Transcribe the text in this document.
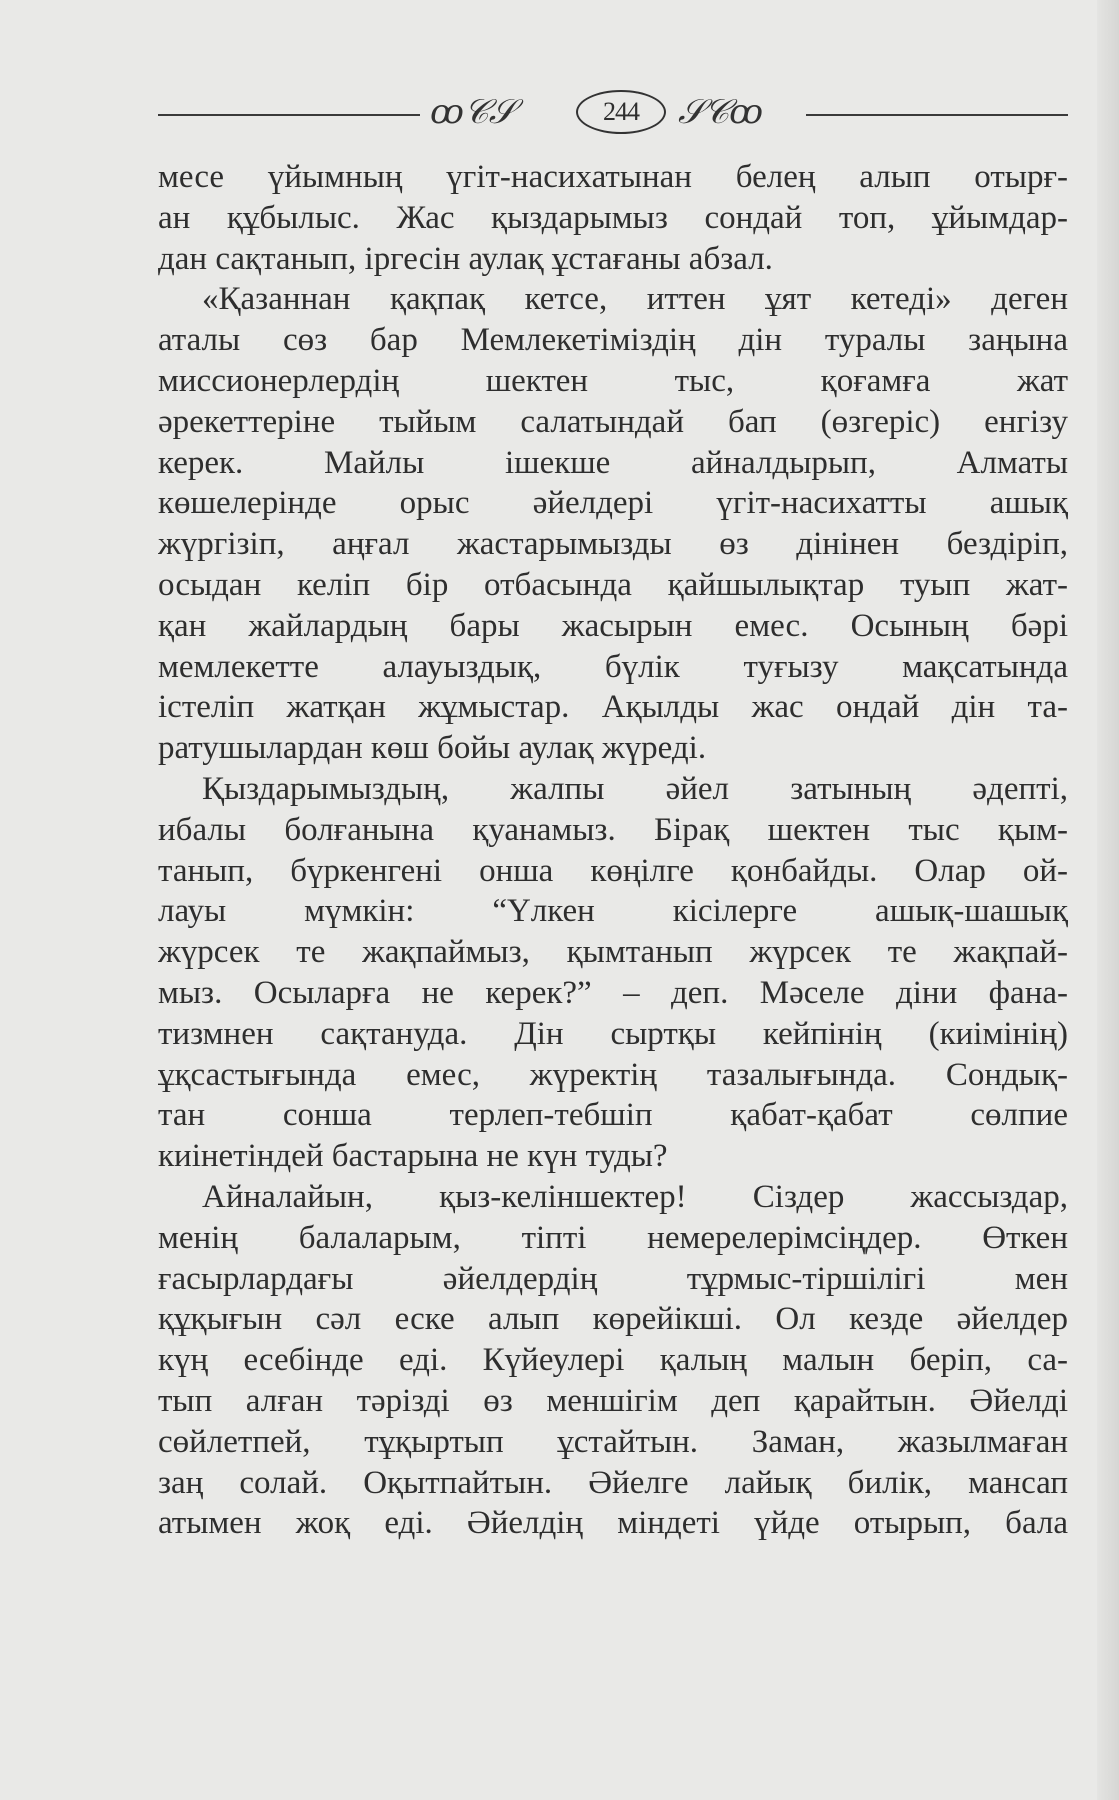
ꝏ𝒞𝒮	244	𝒮𝒞ꝏ
месе үйымның үгіт-насихатынан белең алып отырғ-
ан құбылыс. Жас қыздарымыз сондай топ, ұйымдар-
дан сақтанып, іргесін аулақ ұстағаны абзал.
«Қазаннан қақпақ кетсе, иттен ұят кетеді» деген
аталы сөз бар Мемлекетіміздің дін туралы заңына
миссионерлердің шектен тыс, қоғамға жат
әрекеттеріне тыйым салатындай бап (өзгеріс) енгізу
керек. Майлы ішекше айналдырып, Алматы
көшелерінде орыс әйелдері үгіт-насихатты ашық
жүргізіп, аңғал жастарымызды өз дінінен бездіріп,
осыдан келіп бір отбасында қайшылықтар туып жат-
қан жайлардың бары жасырын емес. Осының бәрі
мемлекетте алауыздық, бүлік туғызу мақсатында
істеліп жатқан жұмыстар. Ақылды жас ондай дін та-
ратушылардан көш бойы аулақ жүреді.
Қыздарымыздың, жалпы әйел затының әдепті,
ибалы болғанына қуанамыз. Бірақ шектен тыс қым-
танып, бүркенгені онша көңілге қонбайды. Олар ой-
лауы мүмкін: “Үлкен кісілерге ашық-шашық
жүрсек те жақпаймыз, қымтанып жүрсек те жақпай-
мыз. Осыларға не керек?” – деп. Мәселе діни фана-
тизмнен сақтануда. Дін сыртқы кейпінің (киімінің)
ұқсастығында емес, жүректің тазалығында. Сондық-
тан сонша терлеп-тебшіп қабат-қабат сөлпие
киінетіндей бастарына не күн туды?
Айналайын, қыз-келіншектер! Сіздер жассыздар,
менің балаларым, тіпті немерелерімсіңдер. Өткен
ғасырлардағы әйелдердің тұрмыс-тіршілігі мен
құқығын сәл еске алып көрейікші. Ол кезде әйелдер
күң есебінде еді. Күйеулері қалың малын беріп, са-
тып алған тәрізді өз меншігім деп қарайтын. Әйелді
сөйлетпей, тұқыртып ұстайтын. Заман, жазылмаған
заң солай. Оқытпайтын. Әйелге лайық билік, мансап
атымен жоқ еді. Әйелдің міндеті үйде отырып, бала
